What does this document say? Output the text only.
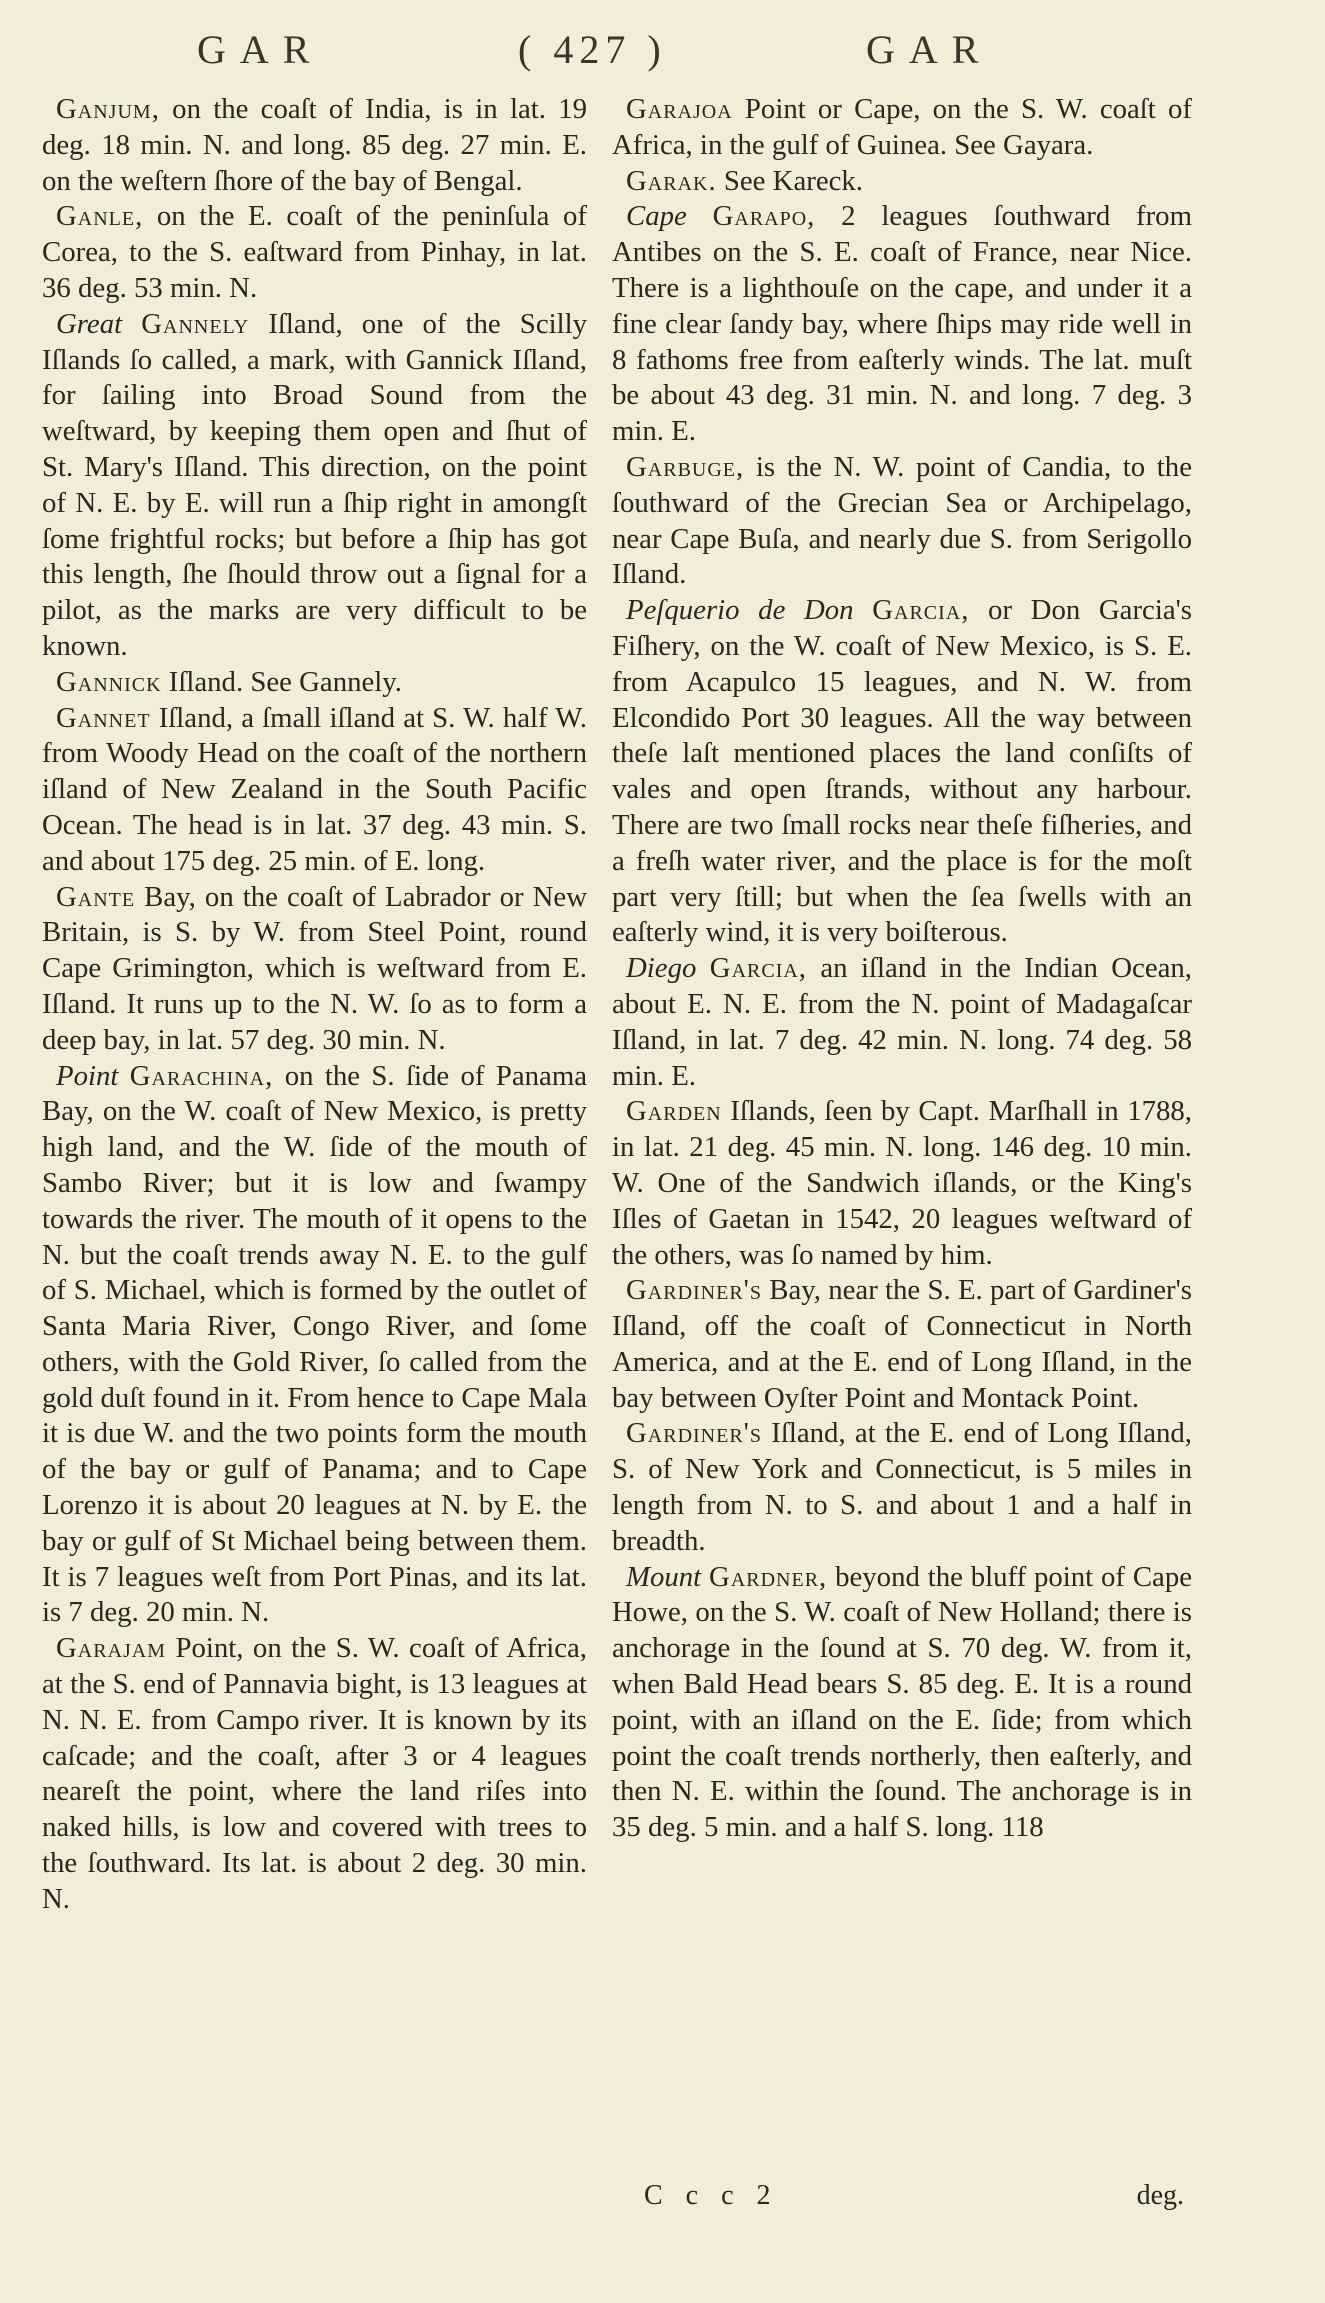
GAR	( 427 )	GAR

Ganjum, on the coaſt of India, is in lat. 19 deg. 18 min. N. and long. 85 deg. 27 min. E. on the weſtern ſhore of the bay of Bengal.

Ganle, on the E. coaſt of the peninſula of Corea, to the S. eaſtward from Pinhay, in lat. 36 deg. 53 min. N.

Great Gannely Iſland, one of the Scilly Iſlands ſo called, a mark, with Gannick Iſland, for ſailing into Broad Sound from the weſtward, by keeping them open and ſhut of St. Mary's Iſland. This direction, on the point of N. E. by E. will run a ſhip right in amongſt ſome frightful rocks; but before a ſhip has got this length, ſhe ſhould throw out a ſignal for a pilot, as the marks are very difficult to be known.

Gannick Iſland. See Gannely.

Gannet Iſland, a ſmall iſland at S. W. half W. from Woody Head on the coaſt of the northern iſland of New Zealand in the South Pacific Ocean. The head is in lat. 37 deg. 43 min. S. and about 175 deg. 25 min. of E. long.

Gante Bay, on the coaſt of Labrador or New Britain, is S. by W. from Steel Point, round Cape Grimington, which is weſtward from E. Iſland. It runs up to the N. W. ſo as to form a deep bay, in lat. 57 deg. 30 min. N.

Point Garachina, on the S. ſide of Panama Bay, on the W. coaſt of New Mexico, is pretty high land, and the W. ſide of the mouth of Sambo River; but it is low and ſwampy towards the river. The mouth of it opens to the N. but the coaſt trends away N. E. to the gulf of S. Michael, which is formed by the outlet of Santa Maria River, Congo River, and ſome others, with the Gold River, ſo called from the gold duſt found in it. From hence to Cape Mala it is due W. and the two points form the mouth of the bay or gulf of Panama; and to Cape Lorenzo it is about 20 leagues at N. by E. the bay or gulf of St Michael being between them. It is 7 leagues weſt from Port Pinas, and its lat. is 7 deg. 20 min. N.

Garajam Point, on the S. W. coaſt of Africa, at the S. end of Pannavia bight, is 13 leagues at N. N. E. from Campo river. It is known by its caſcade; and the coaſt, after 3 or 4 leagues neareſt the point, where the land riſes into naked hills, is low and covered with trees to the ſouthward. Its lat. is about 2 deg. 30 min. N.

Garajoa Point or Cape, on the S. W. coaſt of Africa, in the gulf of Guinea. See Gayara.

Garak. See Kareck.

Cape Garapo, 2 leagues ſouthward from Antibes on the S. E. coaſt of France, near Nice. There is a lighthouſe on the cape, and under it a fine clear ſandy bay, where ſhips may ride well in 8 fathoms free from eaſterly winds. The lat. muſt be about 43 deg. 31 min. N. and long. 7 deg. 3 min. E.

Garbuge, is the N. W. point of Candia, to the ſouthward of the Grecian Sea or Archipelago, near Cape Buſa, and nearly due S. from Serigollo Iſland.

Peſquerio de Don Garcia, or Don Garcia's Fiſhery, on the W. coaſt of New Mexico, is S. E. from Acapulco 15 leagues, and N. W. from Elcondido Port 30 leagues. All the way between theſe laſt mentioned places the land conſiſts of vales and open ſtrands, without any harbour. There are two ſmall rocks near theſe fiſheries, and a freſh water river, and the place is for the moſt part very ſtill; but when the ſea ſwells with an eaſterly wind, it is very boiſterous.

Diego Garcia, an iſland in the Indian Ocean, about E. N. E. from the N. point of Madagaſcar Iſland, in lat. 7 deg. 42 min. N. long. 74 deg. 58 min. E.

Garden Iſlands, ſeen by Capt. Marſhall in 1788, in lat. 21 deg. 45 min. N. long. 146 deg. 10 min. W. One of the Sandwich iſlands, or the King's Iſles of Gaetan in 1542, 20 leagues weſtward of the others, was ſo named by him.

Gardiner's Bay, near the S. E. part of Gardiner's Iſland, off the coaſt of Connecticut in North America, and at the E. end of Long Iſland, in the bay between Oyſter Point and Montack Point.

Gardiner's Iſland, at the E. end of Long Iſland, S. of New York and Connecticut, is 5 miles in length from N. to S. and about 1 and a half in breadth.

Mount Gardner, beyond the bluff point of Cape Howe, on the S. W. coaſt of New Holland; there is anchorage in the ſound at S. 70 deg. W. from it, when Bald Head bears S. 85 deg. E. It is a round point, with an iſland on the E. ſide; from which point the coaſt trends northerly, then eaſterly, and then N. E. within the ſound. The anchorage is in 35 deg. 5 min. and a half S. long. 118

C c c 2	deg.
